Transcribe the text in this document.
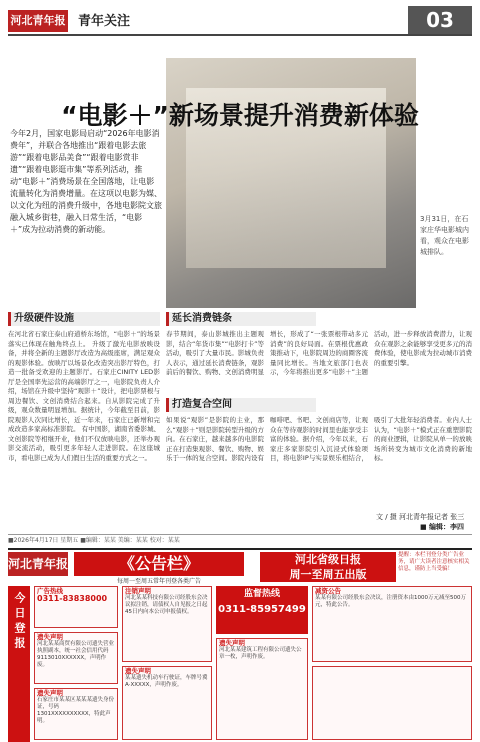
河北青年报 青年关注	03
“电影＋”新场景提升消费新体验
今年2月，国家电影局启动“2026年电影消费年”，并联合各地推出“跟着电影去旅游”“跟着电影品美食”“跟着电影赏非遗”“跟着电影逛市集”等系列活动，推动“电影＋”消费场景在全国落地，让电影流量转化为消费增量。在这项以电影为媒、以文化为纽的消费升级中，各地电影院文旅融入城乡街巷，融入日常生活，“电影＋”成为拉动消费的新动能。
3月31日，在石家庄华电影城内看，观众在电影城排队。
升级硬件设施
在河北省石家庄泰山府道桥东场馆，“电影＋”的场景落实已体现在触角终点上。 升级了激光电影放映设备，并将全新的主题影厅改造为高级座席，满足观众的观影体验。放映厅以场景化改造突出影厅特色，打造一批备受欢迎的主题影厅。石家庄CINITY LED影厅是全国率先运营的高端影厅之一，电影院负责人介绍，场馆在升级中坚持“观影＋”设计，把电影票根与周边餐饮、文创消费结合起来。自从影院完成了升级，观众数量明显增加。据统计，今年截至目前，影院观影人次同比增长，近一年来，石家庄已新增和完成改造多家高标准影院。 有中国影，湖南省委影城、文创影院等相继开业，他们不仅放映电影，还举办观影交流活动，吸引更多年轻人走进影院。在这座城市，看电影已成为人们假日生活的重要方式之一。
延长消费链条
春节期间，泰山影城推出主题观影，结合“年货市集”“电影打卡”等活动，吸引了大量市民。影城负责人表示，通过延长消费链条，观影前后的餐饮、购物、文创消费明显增长，形成了“一张票根带动多元消费”的良好局面。在票根优惠政策推动下，电影院周边的商圈客流量同比增长。当地文旅部门也表示，今年将推出更多“电影＋”主题活动，进一步释放消费潜力，让观众在观影之余能够享受更多元的消费体验，使电影成为拉动城市消费的重要引擎。
打造复合空间
如果说“观影”是影院的主业，那么“观影＋”则是影院转型升级的方向。在石家庄，越来越多的电影院正在打造集观影、餐饮、购物、娱乐于一体的复合空间。影院内设有咖啡吧、书吧、文创商店等，让观众在等待观影的时间里也能享受丰富的体验。据介绍，今年以来，石家庄多家影院引入沉浸式体验项目，将电影IP与实景娱乐相结合，吸引了大批年轻消费者。业内人士认为，“电影＋”模式正在重塑影院的商业逻辑，让影院从单一的放映场所转变为城市文化消费的新地标。
文 / 摄 河北青年报记者 张三
■ 编辑：李四
■2026年4月17日 星期五 ■编辑：某某 美编：某某 校对：某某
河北青年报	《公告栏》
每周一至周五常年刊登各类广告
河北省级日报
周一至周五出版
提醒：本栏刊登分类广告业务，请广大读者注意核实相关信息，谨防上当受骗！
今日登报
广告热线
0311-83838000
遗失声明
河北某某商贸有限公司遗失营业执照副本，统一社会信用代码9113010XXXXXX，声明作废。
遗失声明
石家庄市某某区某某某遗失身份证，号码1301XXXXXXXXXX，特此声明。
注销声明
河北某某科技有限公司经股东会决议拟注销，请债权人自见报之日起45日内向本公司申报债权。
遗失声明
某某遗失机动车行驶证，车牌号冀A·XXXXX，声明作废。
监督热线
0311-85957499
遗失声明
河北某某建筑工程有限公司遗失公章一枚，声明作废。
减资公告
某某有限公司经股东会决议，注册资本由1000万元减至500万元，特此公告。
